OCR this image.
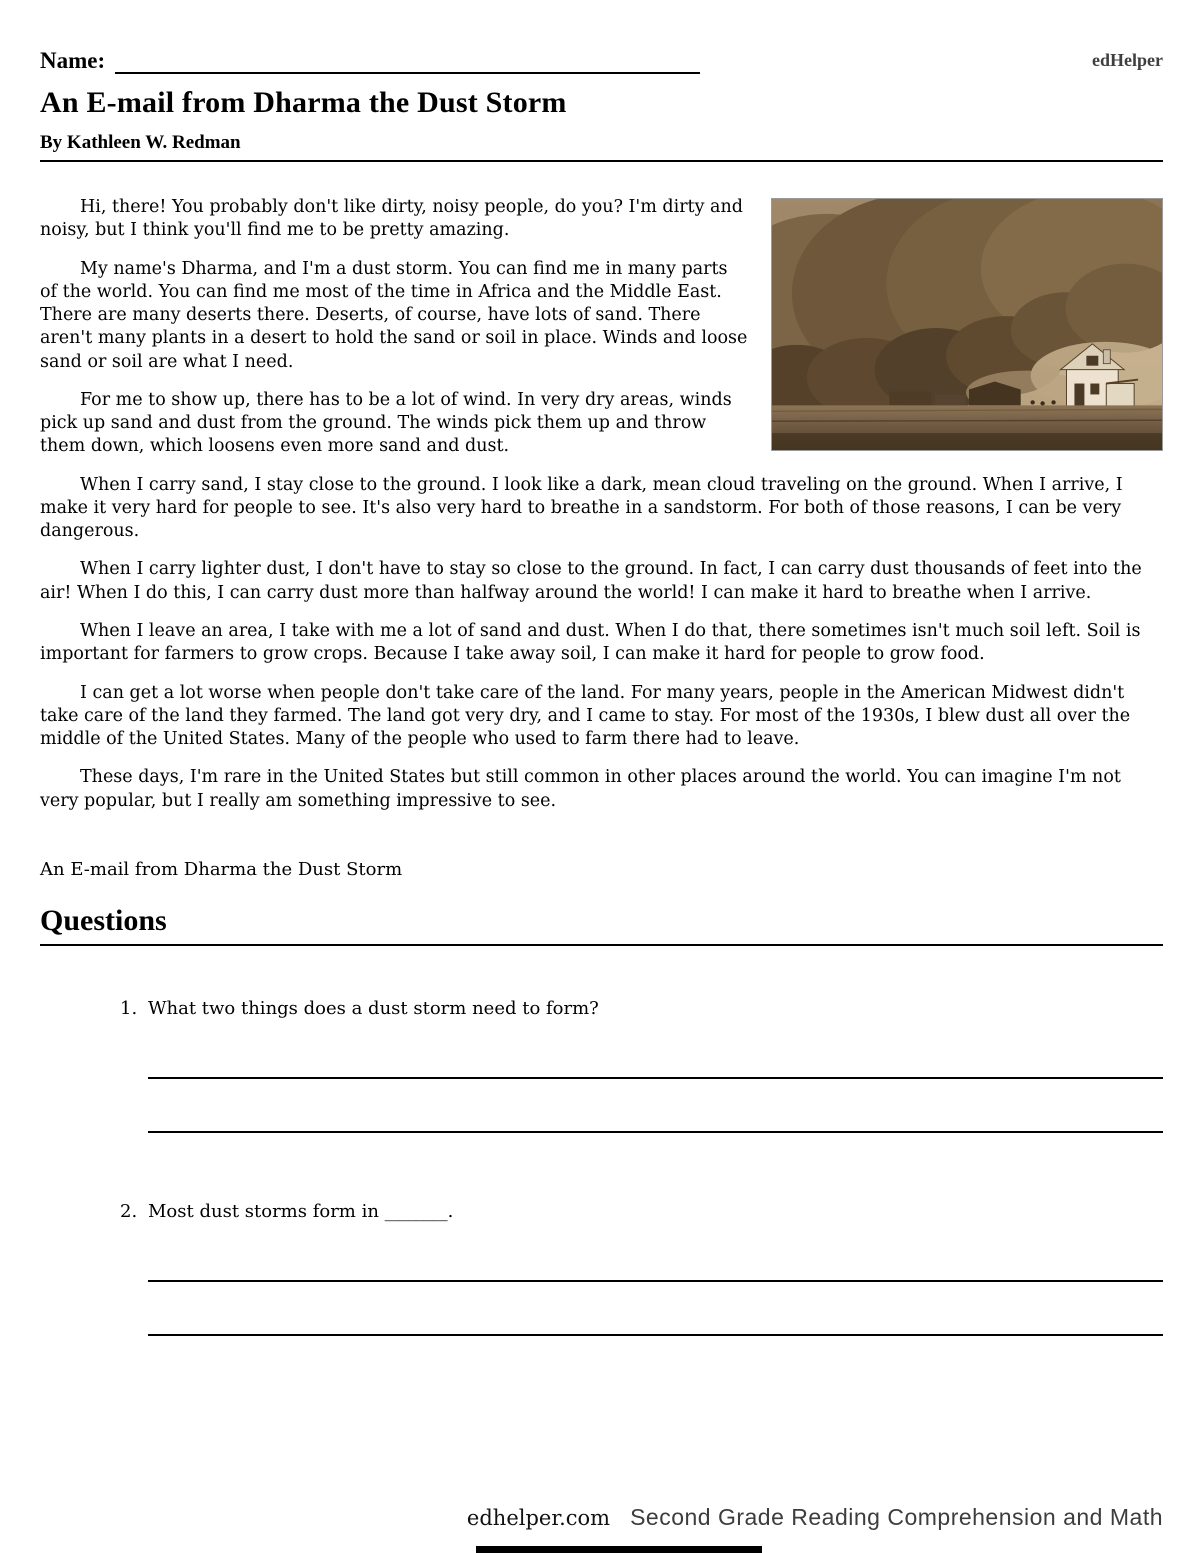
Name:	edHelper
An E-mail from Dharma the Dust Storm
By Kathleen W. Redman

Hi, there! You probably don't like dirty, noisy people, do you? I'm dirty and noisy, but I think you'll find me to be pretty amazing.

My name's Dharma, and I'm a dust storm. You can find me in many parts of the world. You can find me most of the time in Africa and the Middle East. There are many deserts there. Deserts, of course, have lots of sand. There aren't many plants in a desert to hold the sand or soil in place. Winds and loose sand or soil are what I need.

For me to show up, there has to be a lot of wind. In very dry areas, winds pick up sand and dust from the ground. The winds pick them up and throw them down, which loosens even more sand and dust.

When I carry sand, I stay close to the ground. I look like a dark, mean cloud traveling on the ground. When I arrive, I make it very hard for people to see. It's also very hard to breathe in a sandstorm. For both of those reasons, I can be very dangerous.

When I carry lighter dust, I don't have to stay so close to the ground. In fact, I can carry dust thousands of feet into the air! When I do this, I can carry dust more than halfway around the world! I can make it hard to breathe when I arrive.

When I leave an area, I take with me a lot of sand and dust. When I do that, there sometimes isn't much soil left. Soil is important for farmers to grow crops. Because I take away soil, I can make it hard for people to grow food.

I can get a lot worse when people don't take care of the land. For many years, people in the American Midwest didn't take care of the land they farmed. The land got very dry, and I came to stay. For most of the 1930s, I blew dust all over the middle of the United States. Many of the people who used to farm there had to leave.

These days, I'm rare in the United States but still common in other places around the world. You can imagine I'm not very popular, but I really am something impressive to see.

An E-mail from Dharma the Dust Storm
Questions
1. What two things does a dust storm need to form?
2. Most dust storms form in _______.
edhelper.com Second Grade Reading Comprehension and Math
